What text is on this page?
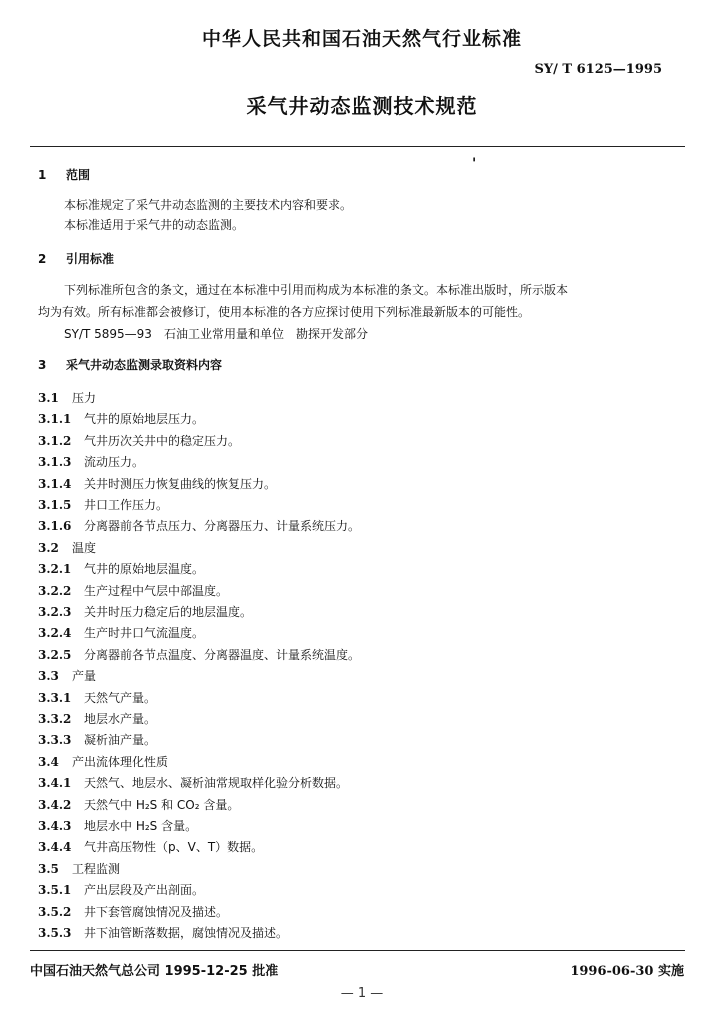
中华人民共和国石油天然气行业标准
SY/ T 6125—1995
采气井动态监测技术规范
'
1 范围
本标准规定了采气井动态监测的主要技术内容和要求。
本标准适用于采气井的动态监测。
2 引用标准
下列标准所包含的条文，通过在本标准中引用而构成为本标准的条文。本标准出版时，所示版本
均为有效。所有标准都会被修订，使用本标准的各方应探讨使用下列标准最新版本的可能性。
SY/T 5895—93　石油工业常用量和单位　勘探开发部分
3 采气井动态监测录取资料内容
3.1 压力
3.1.1 气井的原始地层压力。
3.1.2 气井历次关井中的稳定压力。
3.1.3 流动压力。
3.1.4 关井时测压力恢复曲线的恢复压力。
3.1.5 井口工作压力。
3.1.6 分离器前各节点压力、分离器压力、计量系统压力。
3.2 温度
3.2.1 气井的原始地层温度。
3.2.2 生产过程中气层中部温度。
3.2.3 关井时压力稳定后的地层温度。
3.2.4 生产时井口气流温度。
3.2.5 分离器前各节点温度、分离器温度、计量系统温度。
3.3 产量
3.3.1 天然气产量。
3.3.2 地层水产量。
3.3.3 凝析油产量。
3.4 产出流体理化性质
3.4.1 天然气、地层水、凝析油常规取样化验分析数据。
3.4.2 天然气中 H₂S 和 CO₂ 含量。
3.4.3 地层水中 H₂S 含量。
3.4.4 气井高压物性（p、V、T）数据。
3.5 工程监测
3.5.1 产出层段及产出剖面。
3.5.2 井下套管腐蚀情况及描述。
3.5.3 井下油管断落数据，腐蚀情况及描述。
中国石油天然气总公司 1995-12-25 批准	1996-06-30 实施
— 1 —
